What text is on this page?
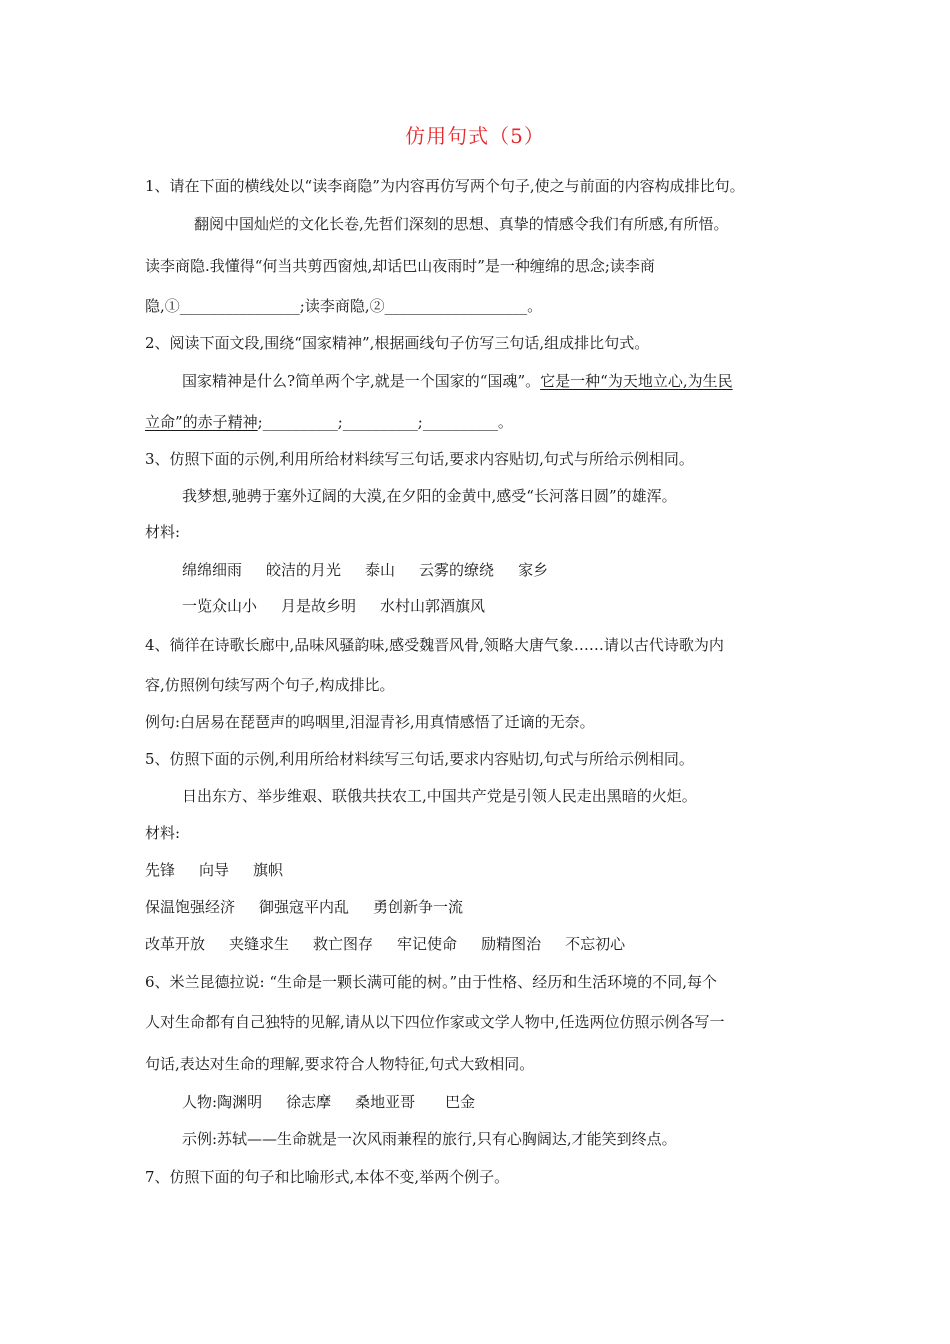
仿用句式（5）
1、请在下面的横线处以“读李商隐”为内容再仿写两个句子,使之与前面的内容构成排比句。
翻阅中国灿烂的文化长卷,先哲们深刻的思想、真挚的情感令我们有所感,有所悟。
读李商隐.我懂得“何当共剪西窗烛,却话巴山夜雨时”是一种缠绵的思念;读李商
隐,①________________;读李商隐,②___________________。
2、阅读下面文段,围绕“国家精神”,根据画线句子仿写三句话,组成排比句式。
国家精神是什么?简单两个字,就是一个国家的“国魂”。它是一种“为天地立心,为生民
立命”的赤子精神;__________;__________;__________。
3、仿照下面的示例,利用所给材料续写三句话,要求内容贴切,句式与所给示例相同。
我梦想,驰骋于塞外辽阔的大漠,在夕阳的金黄中,感受“长河落日圆”的雄浑。
材料:
绵绵细雨 皎洁的月光 泰山 云雾的缭绕 家乡
一览众山小 月是故乡明 水村山郭酒旗风
4、徜徉在诗歌长廊中,品味风骚韵味,感受魏晋风骨,领略大唐气象……请以古代诗歌为内
容,仿照例句续写两个句子,构成排比。
例句:白居易在琵琶声的呜咽里,泪湿青衫,用真情感悟了迁谪的无奈。
5、仿照下面的示例,利用所给材料续写三句话,要求内容贴切,句式与所给示例相同。
日出东方、举步维艰、联俄共扶农工,中国共产党是引领人民走出黑暗的火炬。
材料:
先锋 向导 旗帜
保温饱强经济 御强寇平内乱 勇创新争一流
改革开放 夹缝求生 救亡图存 牢记使命 励精图治 不忘初心
6、米兰昆德拉说: “生命是一颗长满可能的树。”由于性格、经历和生活环境的不同,每个
人对生命都有自己独特的见解,请从以下四位作家或文学人物中,任选两位仿照示例各写一
句话,表达对生命的理解,要求符合人物特征,句式大致相同。
人物:陶渊明 徐志摩 桑地亚哥 巴金
示例:苏轼——生命就是一次风雨兼程的旅行,只有心胸阔达,才能笑到终点。
7、仿照下面的句子和比喻形式,本体不变,举两个例子。
